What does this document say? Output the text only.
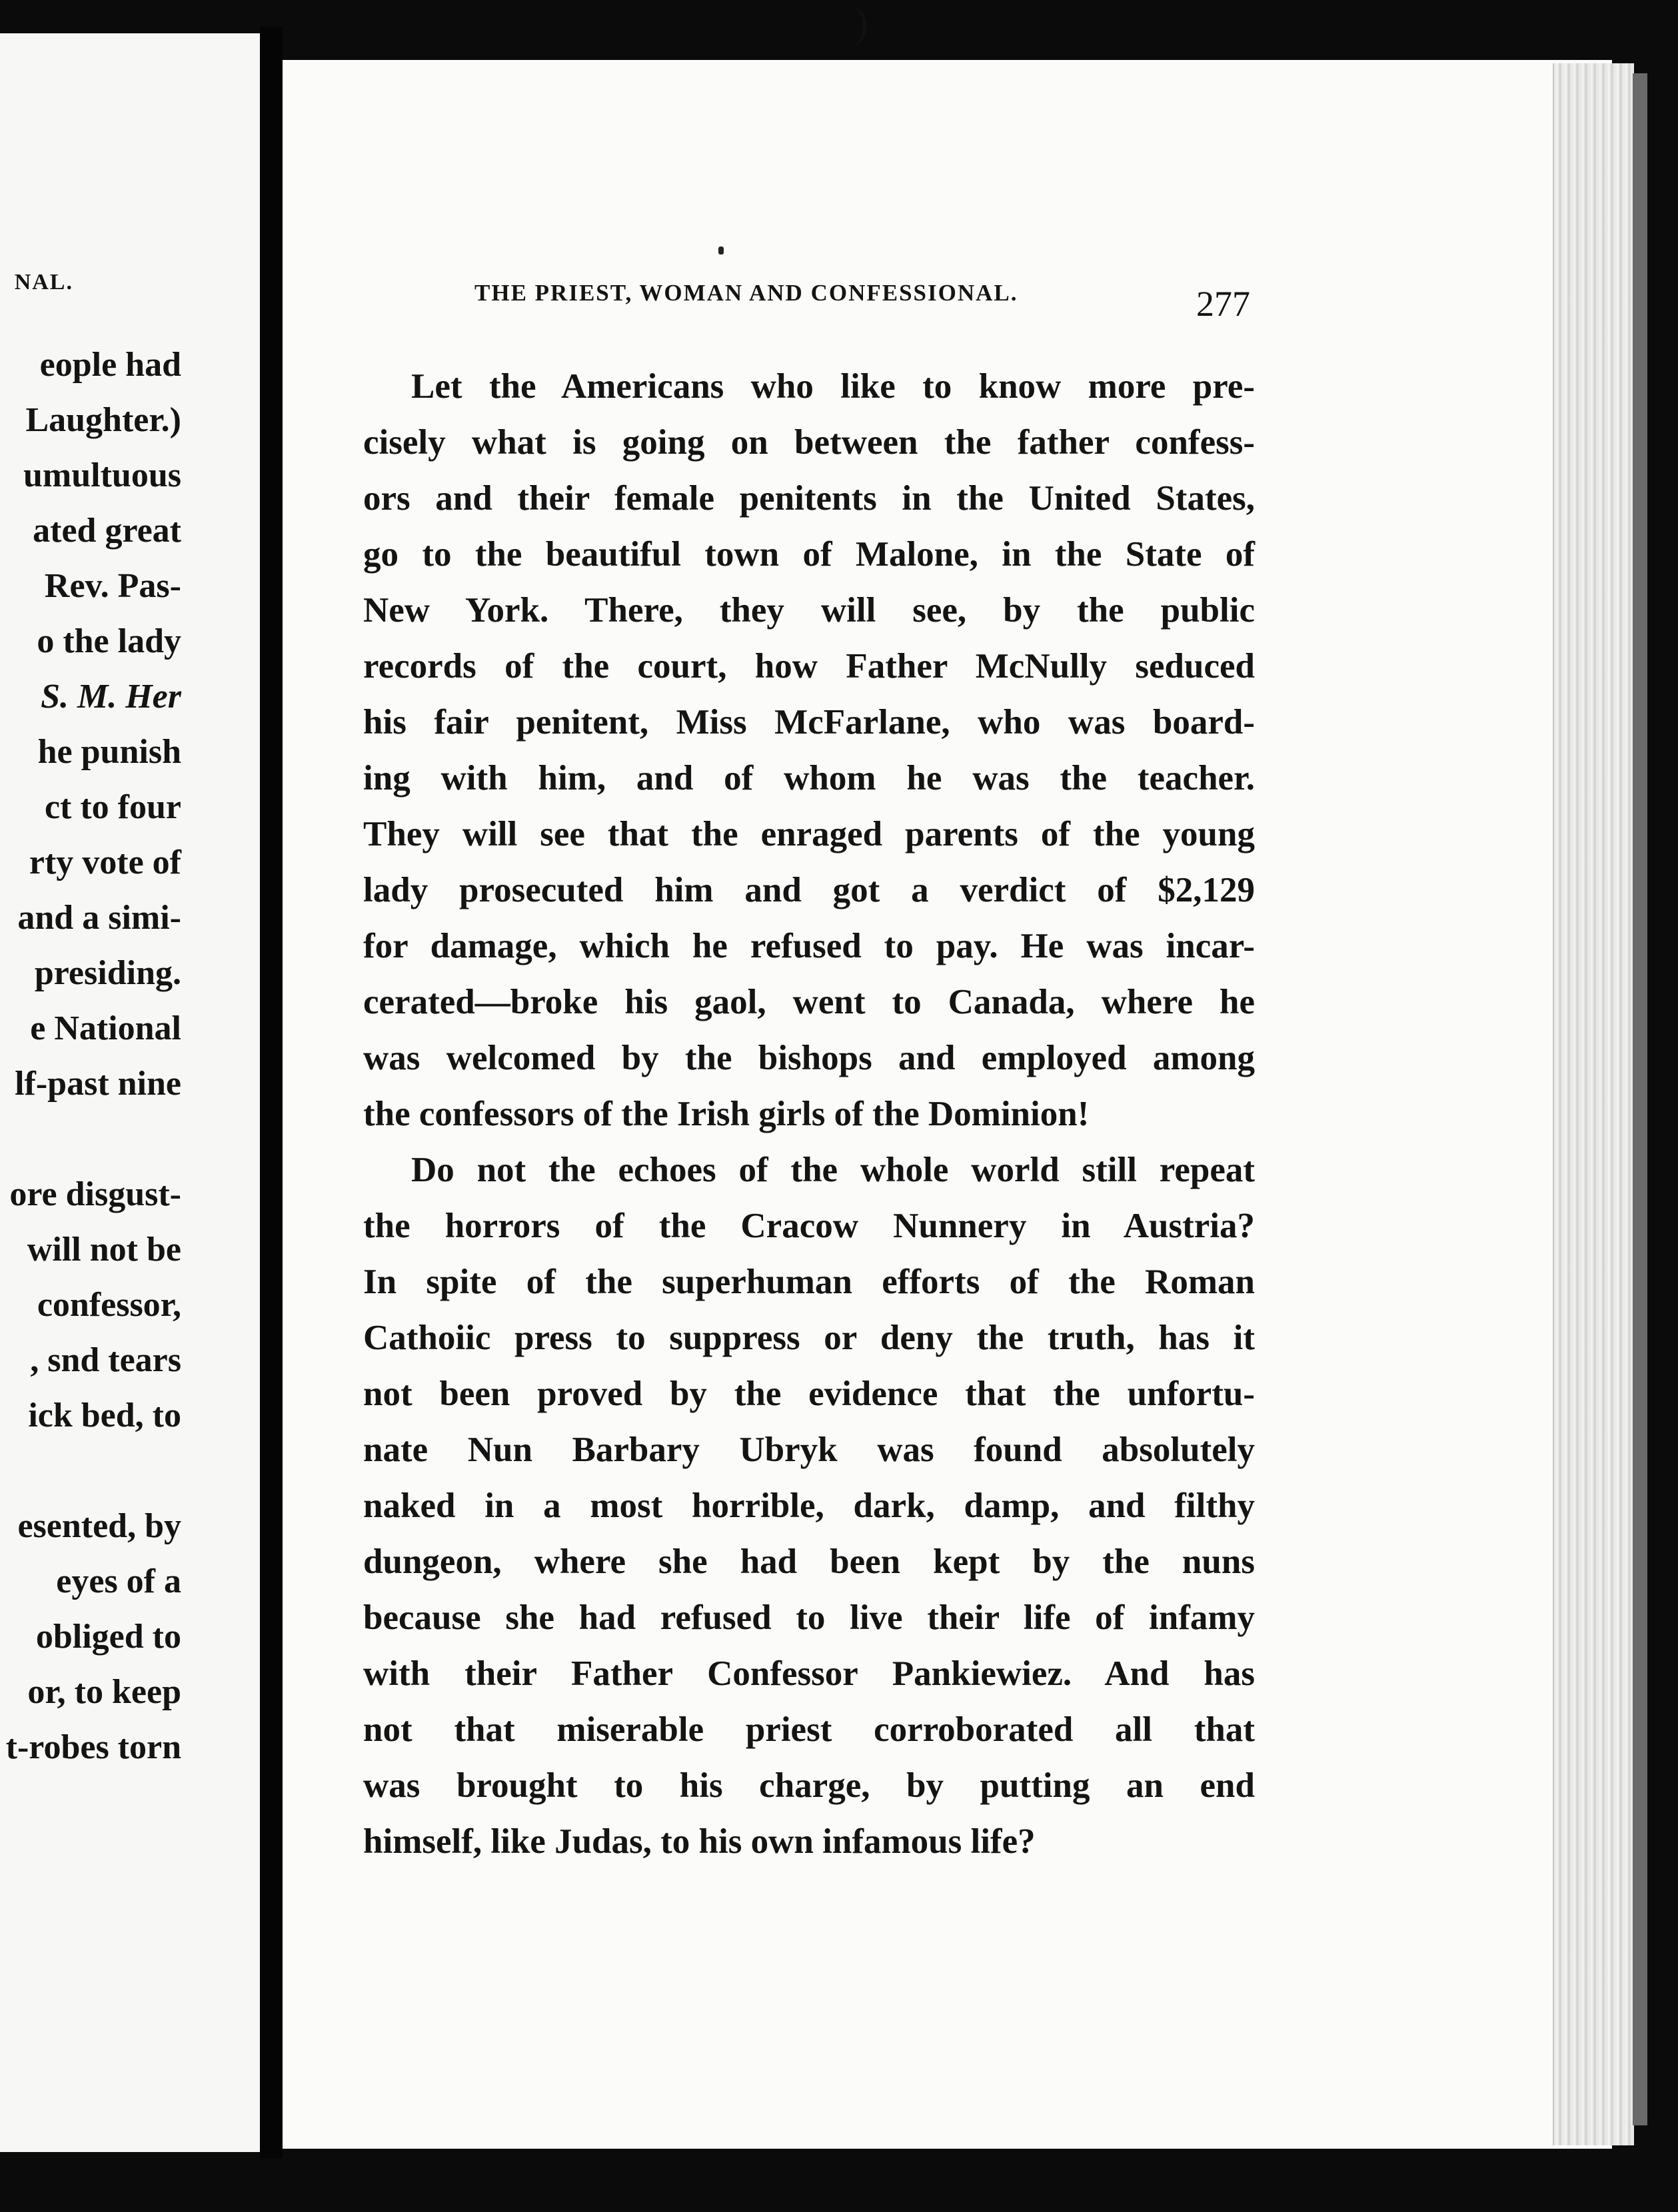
NAL.
eople had
Laughter.)
umultuous
ated great
Rev. Pas-
o the lady
S. M. Her
he punish
ct to four
rty vote of
and a simi-
presiding.
e National
lf-past nine
ore disgust-
will not be
confessor,
, snd tears
ick bed, to
esented, by
eyes of a
obliged to
or, to keep
t-robes torn
)
THE PRIEST, WOMAN AND CONFESSIONAL.	277
Let the Americans who like to know more pre-
cisely what is going on between the father confess-
ors and their female penitents in the United States,
go to the beautiful town of Malone, in the State of
New York. There, they will see, by the public
records of the court, how Father McNully seduced
his fair penitent, Miss McFarlane, who was board-
ing with him, and of whom he was the teacher.
They will see that the enraged parents of the young
lady prosecuted him and got a verdict of $2,129
for damage, which he refused to pay. He was incar-
cerated—broke his gaol, went to Canada, where he
was welcomed by the bishops and employed among
the confessors of the Irish girls of the Dominion!
Do not the echoes of the whole world still repeat
the horrors of the Cracow Nunnery in Austria?
In spite of the superhuman efforts of the Roman
Cathoiic press to suppress or deny the truth, has it
not been proved by the evidence that the unfortu-
nate Nun Barbary Ubryk was found absolutely
naked in a most horrible, dark, damp, and filthy
dungeon, where she had been kept by the nuns
because she had refused to live their life of infamy
with their Father Confessor Pankiewiez. And has
not that miserable priest corroborated all that
was brought to his charge, by putting an end
himself, like Judas, to his own infamous life?
